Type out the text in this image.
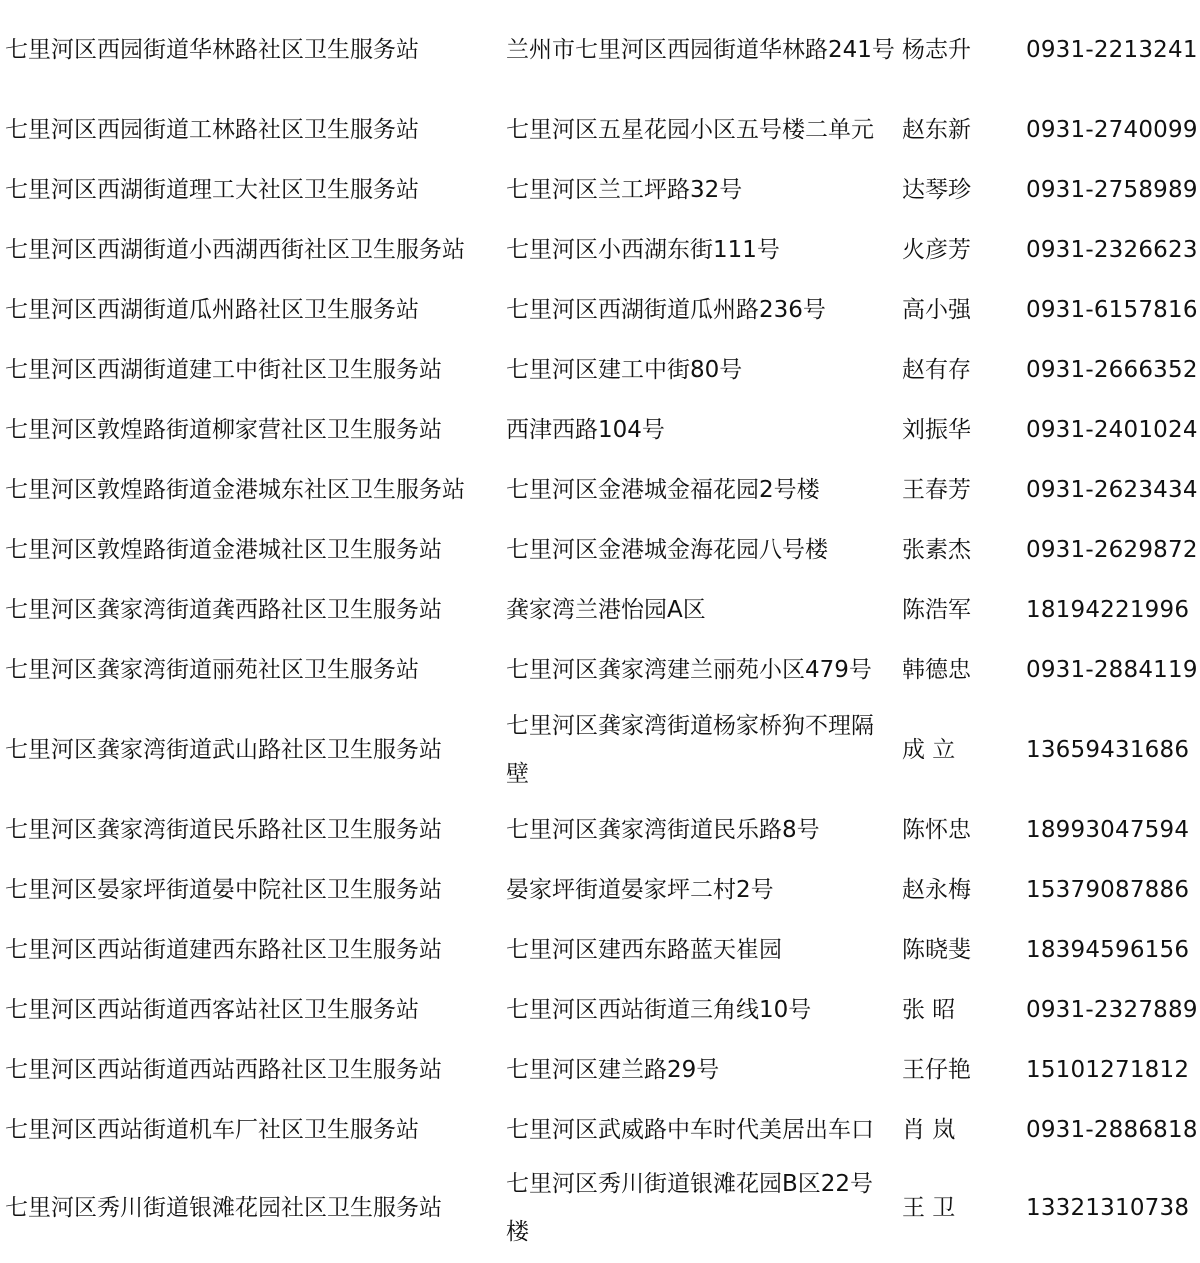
七里河区西园街道华林路社区卫生服务站	兰州市七里河区西园街道华林路241号	杨志升	0931-2213241
七里河区西园街道工林路社区卫生服务站	七里河区五星花园小区五号楼二单元	赵东新	0931-2740099
七里河区西湖街道理工大社区卫生服务站	七里河区兰工坪路32号	达琴珍	0931-2758989
七里河区西湖街道小西湖西街社区卫生服务站	七里河区小西湖东街111号	火彦芳	0931-2326623
七里河区西湖街道瓜州路社区卫生服务站	七里河区西湖街道瓜州路236号	高小强	0931-6157816
七里河区西湖街道建工中街社区卫生服务站	七里河区建工中街80号	赵有存	0931-2666352
七里河区敦煌路街道柳家营社区卫生服务站	西津西路104号	刘振华	0931-2401024
七里河区敦煌路街道金港城东社区卫生服务站	七里河区金港城金福花园2号楼	王春芳	0931-2623434
七里河区敦煌路街道金港城社区卫生服务站	七里河区金港城金海花园八号楼	张素杰	0931-2629872
七里河区龚家湾街道龚西路社区卫生服务站	龚家湾兰港怡园A区	陈浩军	18194221996
七里河区龚家湾街道丽苑社区卫生服务站	七里河区龚家湾建兰丽苑小区479号	韩德忠	0931-2884119
七里河区龚家湾街道武山路社区卫生服务站	七里河区龚家湾街道杨家桥狗不理隔壁	成 立	13659431686
七里河区龚家湾街道民乐路社区卫生服务站	七里河区龚家湾街道民乐路8号	陈怀忠	18993047594
七里河区晏家坪街道晏中院社区卫生服务站	晏家坪街道晏家坪二村2号	赵永梅	15379087886
七里河区西站街道建西东路社区卫生服务站	七里河区建西东路蓝天崔园	陈晓斐	18394596156
七里河区西站街道西客站社区卫生服务站	七里河区西站街道三角线10号	张 昭	0931-2327889
七里河区西站街道西站西路社区卫生服务站	七里河区建兰路29号	王仔艳	15101271812
七里河区西站街道机车厂社区卫生服务站	七里河区武威路中车时代美居出车口	肖 岚	0931-2886818
七里河区秀川街道银滩花园社区卫生服务站	七里河区秀川街道银滩花园B区22号楼	王 卫	13321310738
